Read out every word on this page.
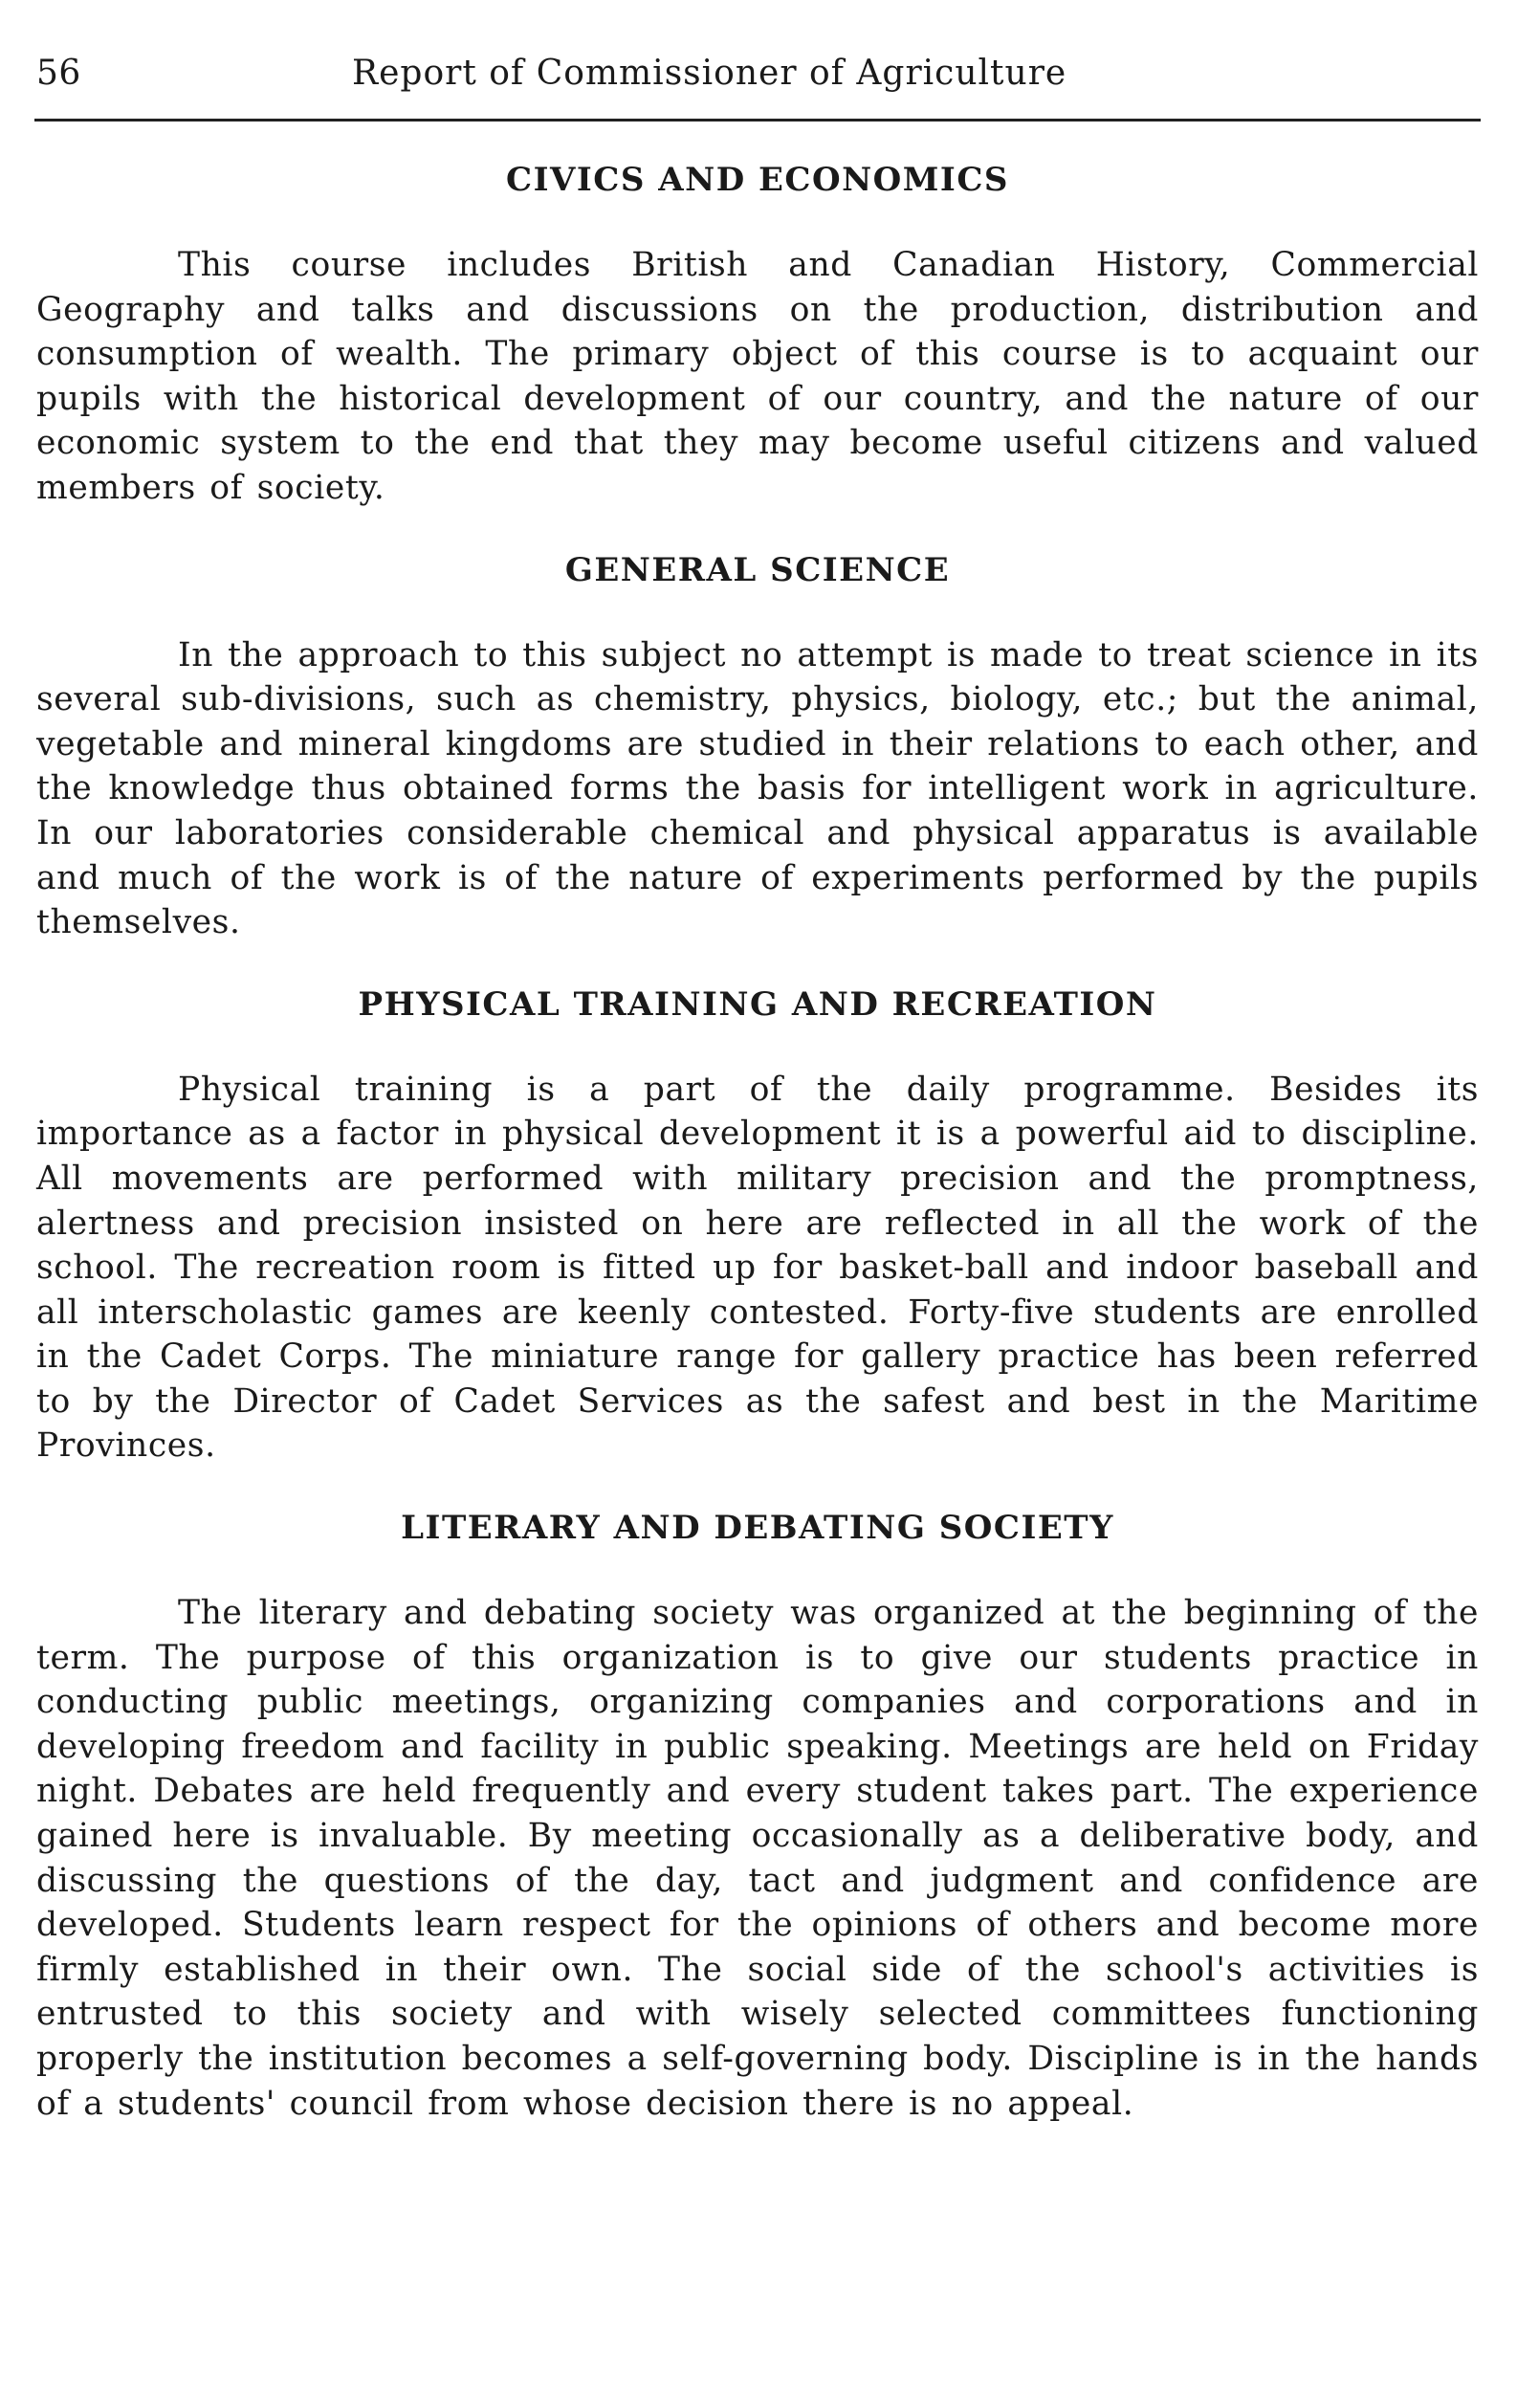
56	Report of Commissioner of Agriculture
CIVICS AND ECONOMICS

This course includes British and Canadian History, Commercial Geography and talks and discussions on the production, distribution and consumption of wealth. The primary object of this course is to acquaint our pupils with the historical development of our country, and the nature of our economic system to the end that they may become useful citizens and valued members of society.

GENERAL SCIENCE

In the approach to this subject no attempt is made to treat science in its several sub-divisions, such as chemistry, physics, biology, etc.; but the animal, vegetable and mineral kingdoms are studied in their relations to each other, and the knowledge thus obtained forms the basis for intelligent work in agriculture. In our laboratories considerable chemical and physical apparatus is available and much of the work is of the nature of experiments performed by the pupils themselves.

PHYSICAL TRAINING AND RECREATION

Physical training is a part of the daily programme. Besides its importance as a factor in physical development it is a powerful aid to discipline. All movements are performed with military precision and the promptness, alertness and precision insisted on here are reflected in all the work of the school. The recreation room is fitted up for basket-ball and indoor baseball and all interscholastic games are keenly contested. Forty-five students are enrolled in the Cadet Corps. The miniature range for gallery practice has been referred to by the Director of Cadet Services as the safest and best in the Maritime Provinces.

LITERARY AND DEBATING SOCIETY

The literary and debating society was organized at the beginning of the term. The purpose of this organization is to give our students practice in conducting public meetings, organizing companies and corporations and in developing freedom and facility in public speaking. Meetings are held on Friday night. Debates are held frequently and every student takes part. The experience gained here is invaluable. By meeting occasionally as a deliberative body, and discussing the questions of the day, tact and judgment and confidence are developed. Students learn respect for the opinions of others and become more firmly established in their own. The social side of the school's activities is entrusted to this society and with wisely selected committees functioning properly the institution becomes a self-governing body. Discipline is in the hands of a students' council from whose decision there is no appeal.
